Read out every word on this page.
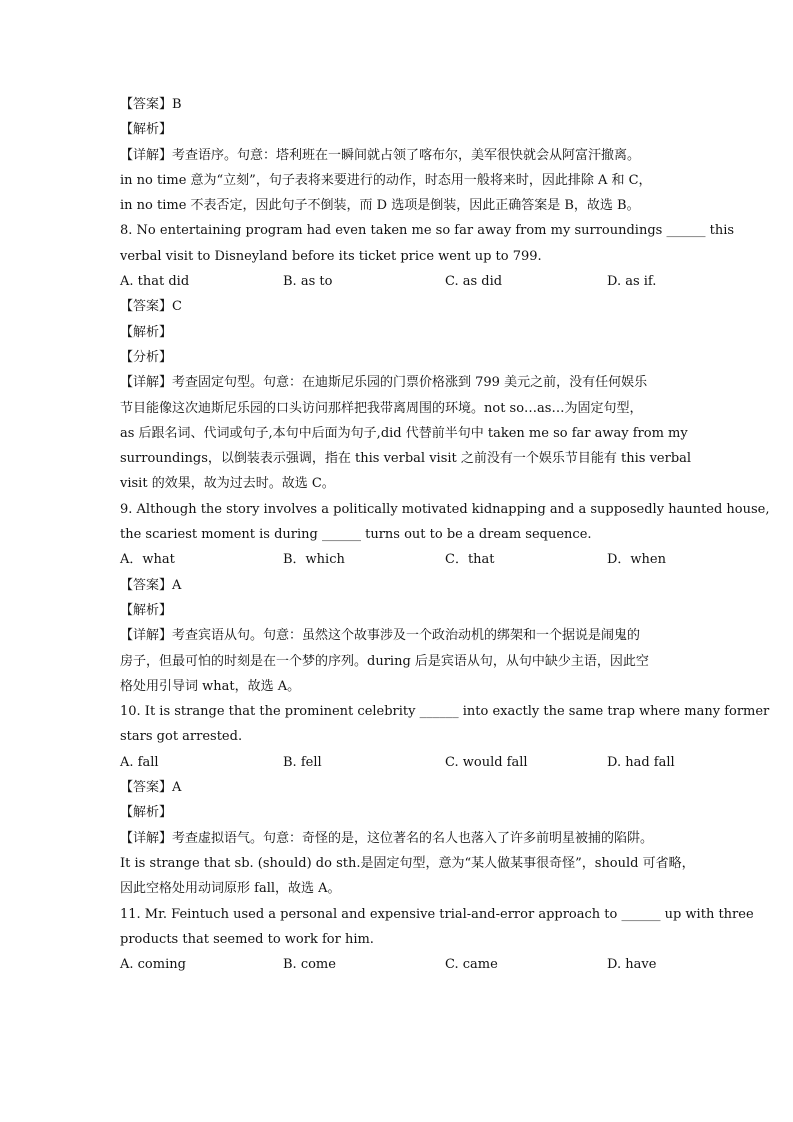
【答案】B
【解析】
【详解】考查语序。句意：塔利班在一瞬间就占领了喀布尔，美军很快就会从阿富汗撤离。
in no time 意为“立刻”，句子表将来要进行的动作，时态用一般将来时，因此排除 A 和 C，
in no time 不表否定，因此句子不倒装，而 D 选项是倒装，因此正确答案是 B，故选 B。
8. No entertaining program had even taken me so far away from my surroundings ______ this
verbal visit to Disneyland before its ticket price went up to 799.
A. that did	B. as to	C. as did	D. as if.
【答案】C
【解析】
【分析】
【详解】考查固定句型。句意：在迪斯尼乐园的门票价格涨到 799 美元之前，没有任何娱乐
节目能像这次迪斯尼乐园的口头访问那样把我带离周围的环境。not so…as…为固定句型，
as 后跟名词、代词或句子,本句中后面为句子,did 代替前半句中 taken me so far away from my
surroundings，以倒装表示强调，指在 this verbal visit 之前没有一个娱乐节目能有 this verbal
visit 的效果，故为过去时。故选 C。
9. Although the story involves a politically motivated kidnapping and a supposedly haunted house,
the scariest moment is during ______ turns out to be a dream sequence.
A．what	B．which	C．that	D．when
【答案】A
【解析】
【详解】考查宾语从句。句意：虽然这个故事涉及一个政治动机的绑架和一个据说是闹鬼的
房子，但最可怕的时刻是在一个梦的序列。during 后是宾语从句，从句中缺少主语，因此空
格处用引导词 what，故选 A。
10. It is strange that the prominent celebrity ______ into exactly the same trap where many former
stars got arrested.
A. fall	B. fell	C. would fall	D. had fall
【答案】A
【解析】
【详解】考查虚拟语气。句意：奇怪的是，这位著名的名人也落入了许多前明星被捕的陷阱。
It is strange that sb. (should) do sth.是固定句型，意为“某人做某事很奇怪”，should 可省略，
因此空格处用动词原形 fall，故选 A。
11. Mr. Feintuch used a personal and expensive trial-and-error approach to ______ up with three
products that seemed to work for him.
A. coming	B. come	C. came	D. have
